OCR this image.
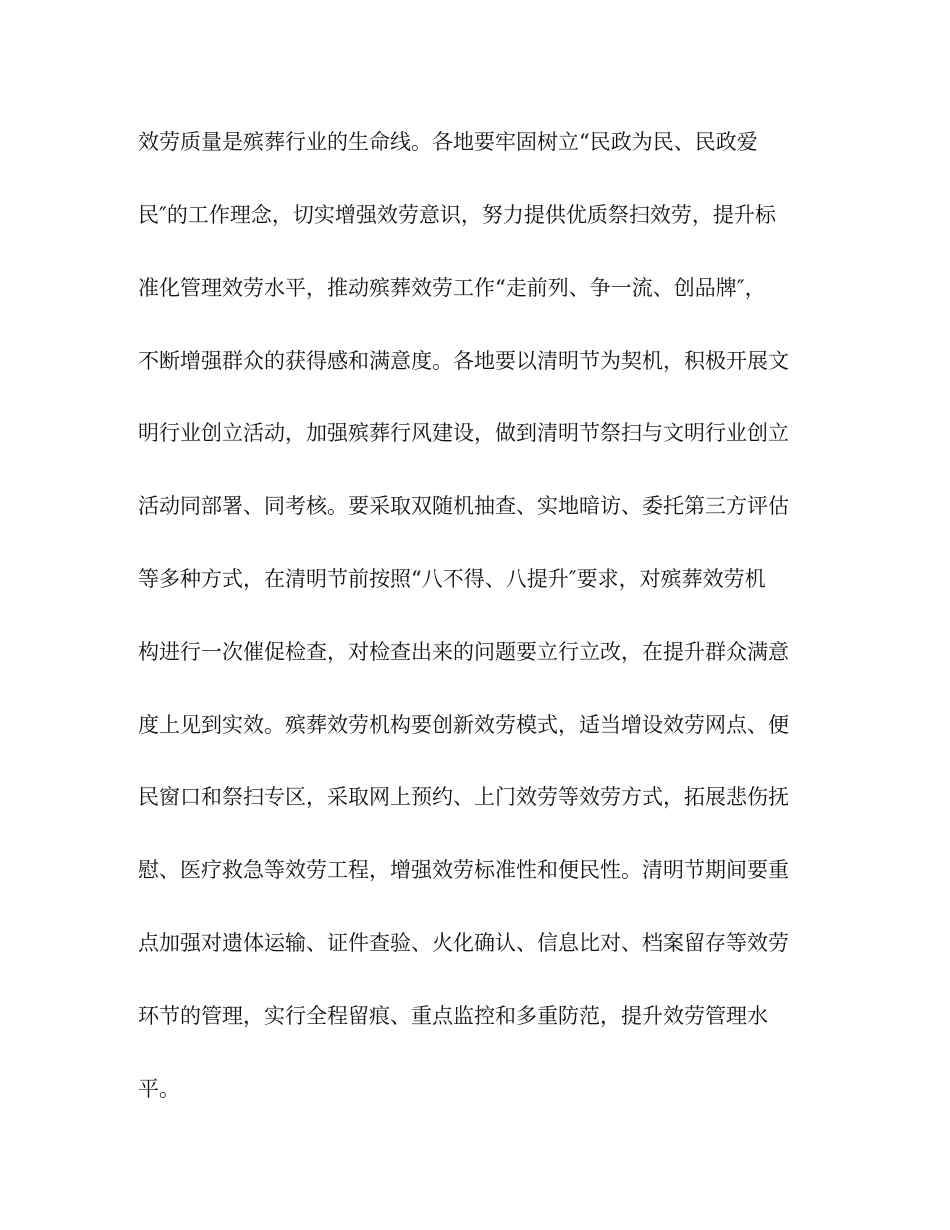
效劳质量是殡葬行业的生命线。各地要牢固树立“民政为民、民政爱
民″的工作理念，切实增强效劳意识，努力提供优质祭扫效劳，提升标
准化管理效劳水平，推动殡葬效劳工作“走前列、争一流、创品牌″，
不断增强群众的获得感和满意度。各地要以清明节为契机，积极开展文
明行业创立活动，加强殡葬行风建设，做到清明节祭扫与文明行业创立
活动同部署、同考核。要采取双随机抽查、实地暗访、委托第三方评估
等多种方式，在清明节前按照“八不得、八提升″要求，对殡葬效劳机
构进行一次催促检查，对检查出来的问题要立行立改，在提升群众满意
度上见到实效。殡葬效劳机构要创新效劳模式，适当增设效劳网点、便
民窗口和祭扫专区，采取网上预约、上门效劳等效劳方式，拓展悲伤抚
慰、医疗救急等效劳工程，增强效劳标准性和便民性。清明节期间要重
点加强对遗体运输、证件查验、火化确认、信息比对、档案留存等效劳
环节的管理，实行全程留痕、重点监控和多重防范，提升效劳管理水
平。
